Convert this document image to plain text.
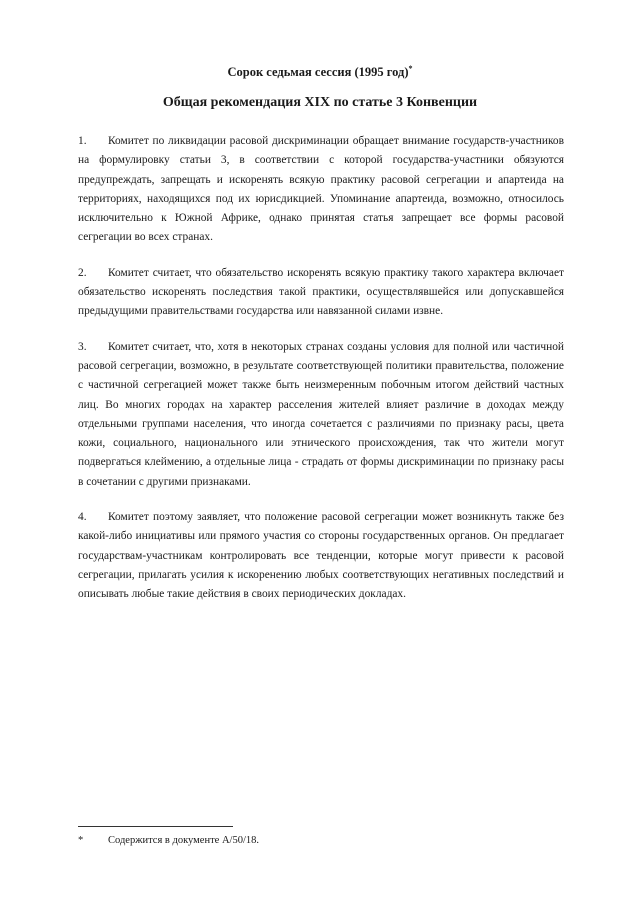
Сорок седьмая сессия (1995 год)*
Общая рекомендация XIX по статье 3 Конвенции

1. Комитет по ликвидации расовой дискриминации обращает внимание государств-участников на формулировку статьи 3, в соответствии с которой государства-участники обязуются предупреждать, запрещать и искоренять всякую практику расовой сегрегации и апартеида на территориях, находящихся под их юрисдикцией. Упоминание апартеида, возможно, относилось исключительно к Южной Африке, однако принятая статья запрещает все формы расовой сегрегации во всех странах.

2. Комитет считает, что обязательство искоренять всякую практику такого характера включает обязательство искоренять последствия такой практики, осуществлявшейся или допускавшейся предыдущими правительствами государства или навязанной силами извне.

3. Комитет считает, что, хотя в некоторых странах созданы условия для полной или частичной расовой сегрегации, возможно, в результате соответствующей политики правительства, положение с частичной сегрегацией может также быть неизмеренным побочным итогом действий частных лиц. Во многих городах на характер расселения жителей влияет различие в доходах между отдельными группами населения, что иногда сочетается с различиями по признаку расы, цвета кожи, социального, национального или этнического происхождения, так что жители могут подвергаться клеймению, а отдельные лица - страдать от формы дискриминации по признаку расы в сочетании с другими признаками.

4. Комитет поэтому заявляет, что положение расовой сегрегации может возникнуть также без какой-либо инициативы или прямого участия со стороны государственных органов. Он предлагает государствам-участникам контролировать все тенденции, которые могут привести к расовой сегрегации, прилагать усилия к искоренению любых соответствующих негативных последствий и описывать любые такие действия в своих периодических докладах.

* Содержится в документе A/50/18.
